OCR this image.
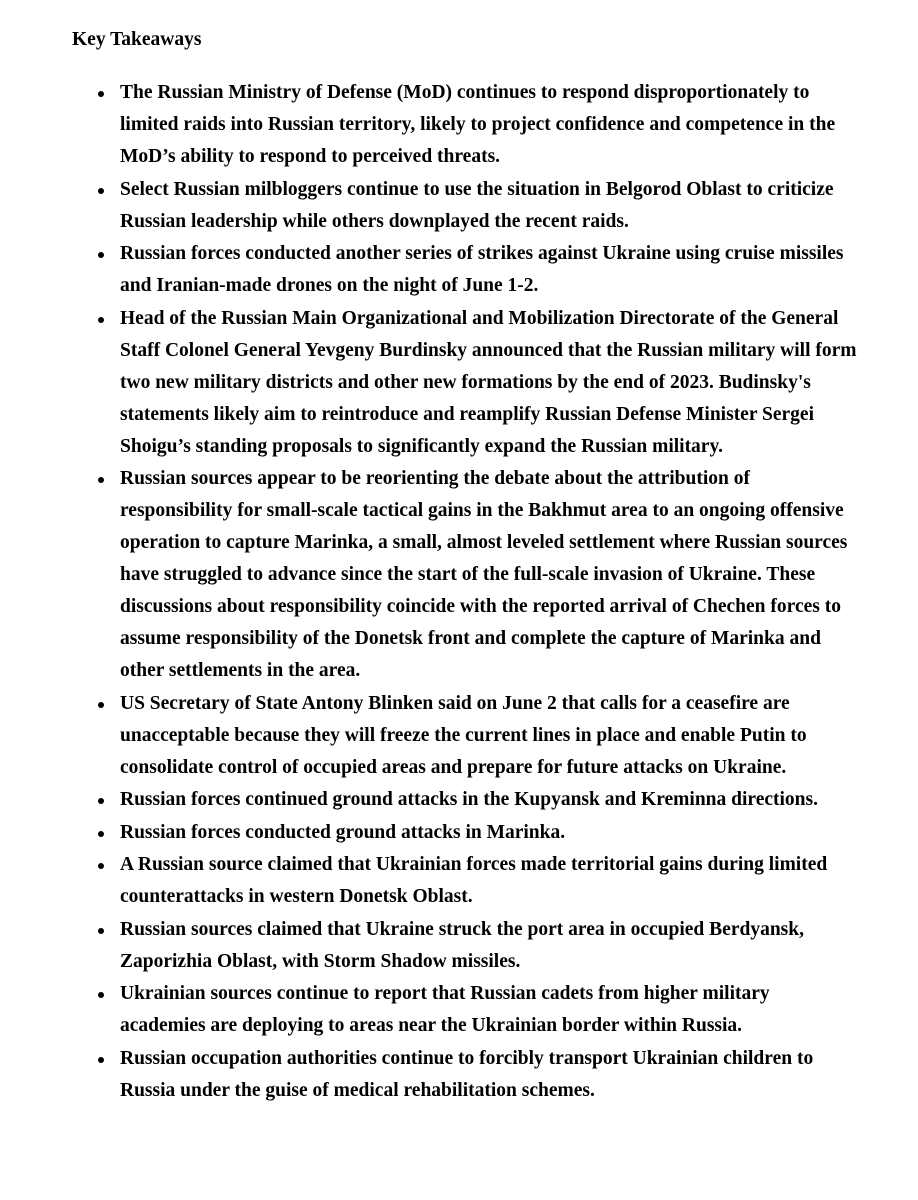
Key Takeaways
The Russian Ministry of Defense (MoD) continues to respond disproportionately to limited raids into Russian territory, likely to project confidence and competence in the MoD’s ability to respond to perceived threats.
Select Russian milbloggers continue to use the situation in Belgorod Oblast to criticize Russian leadership while others downplayed the recent raids.
Russian forces conducted another series of strikes against Ukraine using cruise missiles and Iranian-made drones on the night of June 1-2.
Head of the Russian Main Organizational and Mobilization Directorate of the General Staff Colonel General Yevgeny Burdinsky announced that the Russian military will form two new military districts and other new formations by the end of 2023. Budinsky's statements likely aim to reintroduce and reamplify Russian Defense Minister Sergei Shoigu’s standing proposals to significantly expand the Russian military.
Russian sources appear to be reorienting the debate about the attribution of responsibility for small-scale tactical gains in the Bakhmut area to an ongoing offensive operation to capture Marinka, a small, almost leveled settlement where Russian sources have struggled to advance since the start of the full-scale invasion of Ukraine. These discussions about responsibility coincide with the reported arrival of Chechen forces to assume responsibility of the Donetsk front and complete the capture of Marinka and other settlements in the area.
US Secretary of State Antony Blinken said on June 2 that calls for a ceasefire are unacceptable because they will freeze the current lines in place and enable Putin to consolidate control of occupied areas and prepare for future attacks on Ukraine.
Russian forces continued ground attacks in the Kupyansk and Kreminna directions.
Russian forces conducted ground attacks in Marinka.
A Russian source claimed that Ukrainian forces made territorial gains during limited counterattacks in western Donetsk Oblast.
Russian sources claimed that Ukraine struck the port area in occupied Berdyansk, Zaporizhia Oblast, with Storm Shadow missiles.
Ukrainian sources continue to report that Russian cadets from higher military academies are deploying to areas near the Ukrainian border within Russia.
Russian occupation authorities continue to forcibly transport Ukrainian children to Russia under the guise of medical rehabilitation schemes.
